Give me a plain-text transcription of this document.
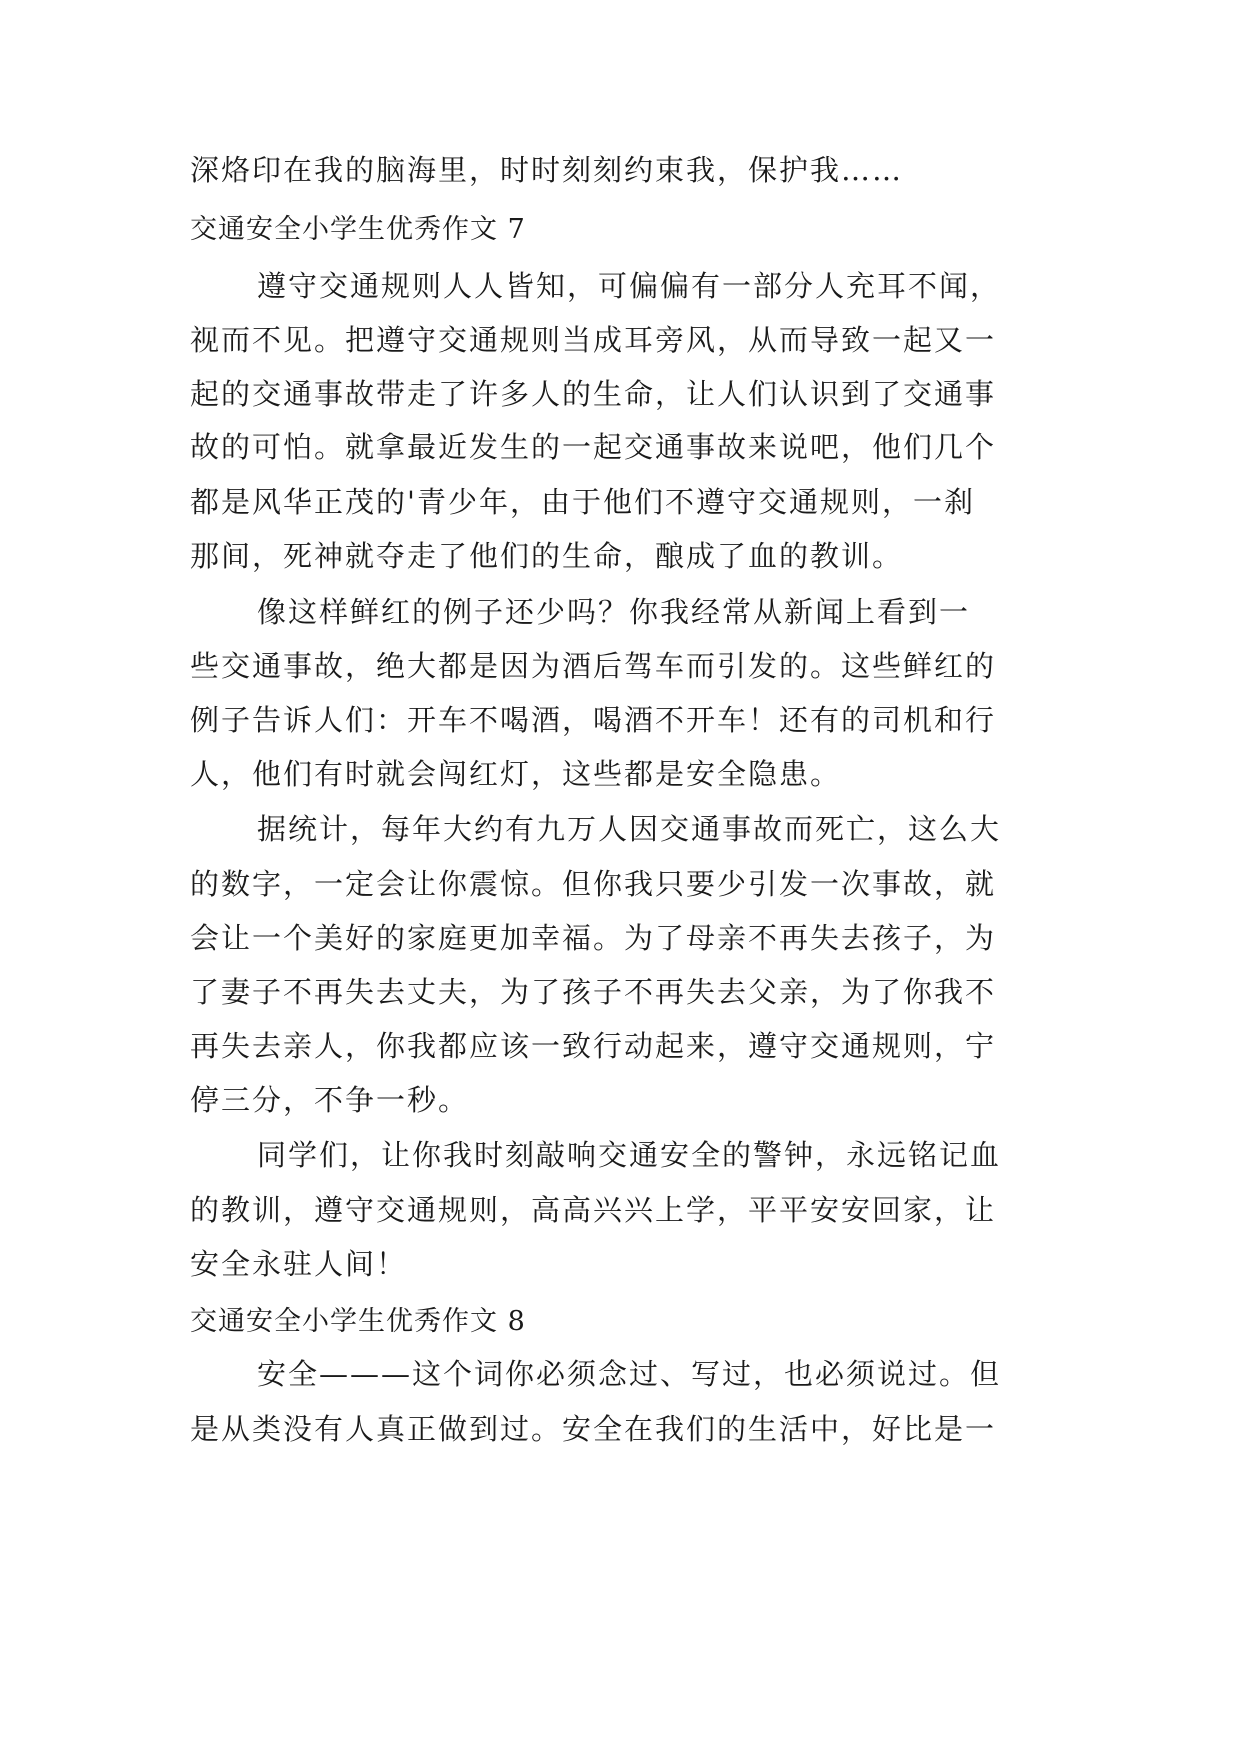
深烙印在我的脑海里，时时刻刻约束我，保护我……
交通安全小学生优秀作文 7
遵守交通规则人人皆知，可偏偏有一部分人充耳不闻，
视而不见。把遵守交通规则当成耳旁风，从而导致一起又一
起的交通事故带走了许多人的生命，让人们认识到了交通事
故的可怕。就拿最近发生的一起交通事故来说吧，他们几个
都是风华正茂的'青少年，由于他们不遵守交通规则，一刹
那间，死神就夺走了他们的生命，酿成了血的教训。
像这样鲜红的例子还少吗？你我经常从新闻上看到一
些交通事故，绝大都是因为酒后驾车而引发的。这些鲜红的
例子告诉人们：开车不喝酒，喝酒不开车！还有的司机和行
人，他们有时就会闯红灯，这些都是安全隐患。
据统计，每年大约有九万人因交通事故而死亡，这么大
的数字，一定会让你震惊。但你我只要少引发一次事故，就
会让一个美好的家庭更加幸福。为了母亲不再失去孩子，为
了妻子不再失去丈夫，为了孩子不再失去父亲，为了你我不
再失去亲人，你我都应该一致行动起来，遵守交通规则，宁
停三分，不争一秒。
同学们，让你我时刻敲响交通安全的警钟，永远铭记血
的教训，遵守交通规则，高高兴兴上学，平平安安回家，让
安全永驻人间！
交通安全小学生优秀作文 8
安全———这个词你必须念过、写过，也必须说过。但
是从类没有人真正做到过。安全在我们的生活中，好比是一
